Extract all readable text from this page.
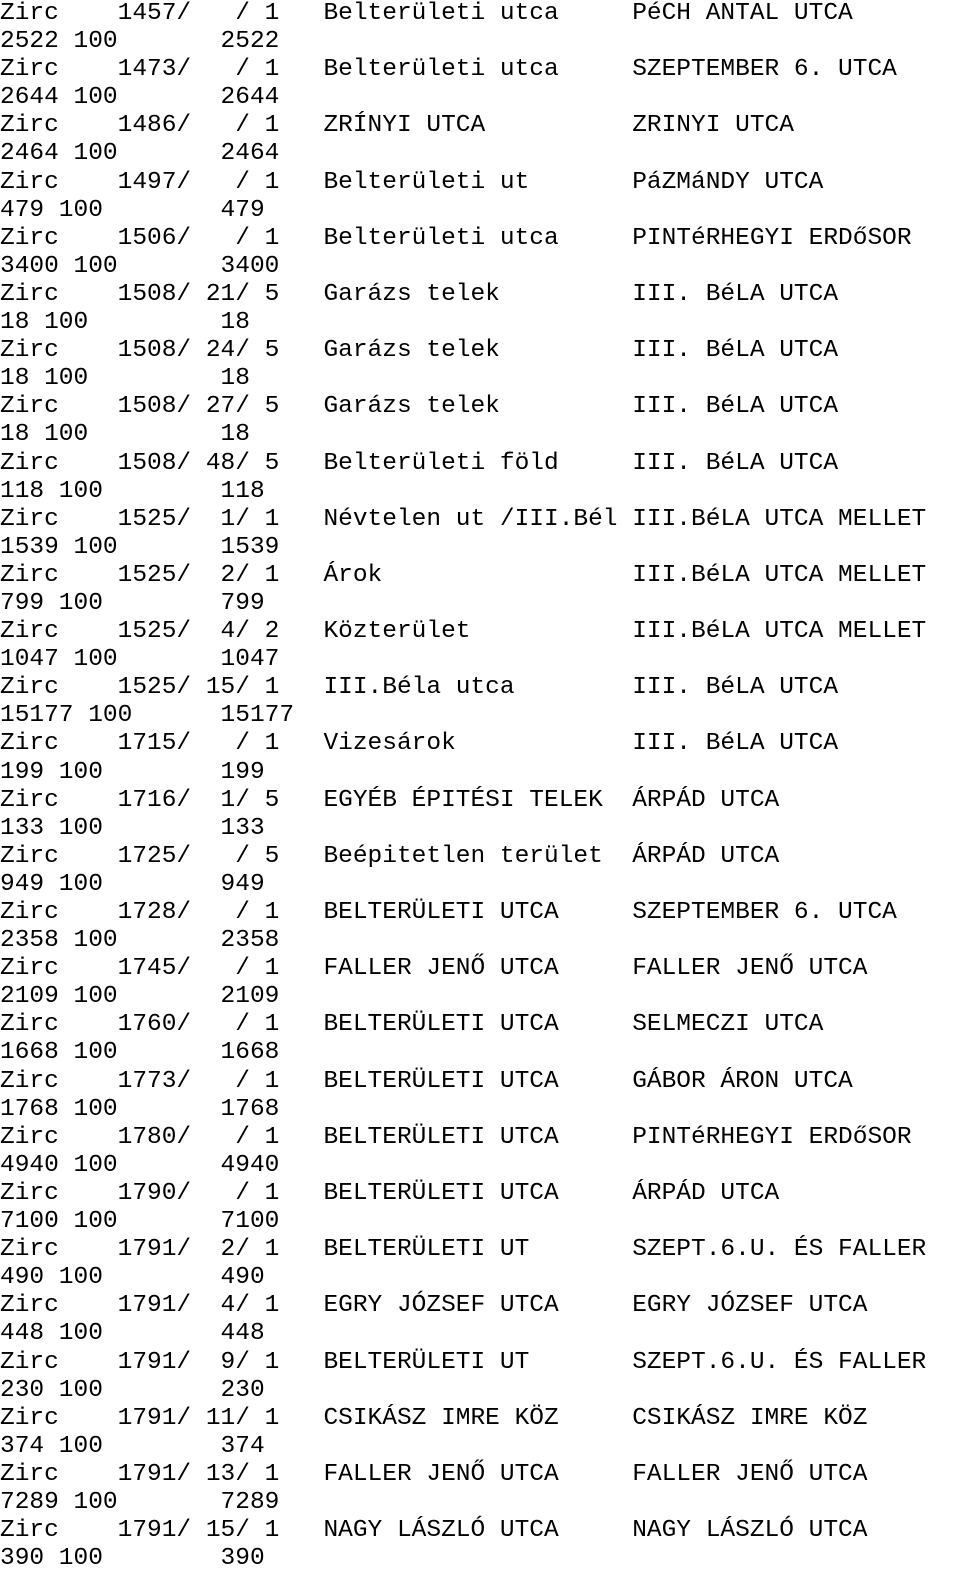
Zirc    1457/   / 1   Belterületi utca     PéCH ANTAL UTCA
2522 100       2522
Zirc    1473/   / 1   Belterületi utca     SZEPTEMBER 6. UTCA
2644 100       2644
Zirc    1486/   / 1   ZRÍNYI UTCA          ZRINYI UTCA
2464 100       2464
Zirc    1497/   / 1   Belterületi ut       PáZMáNDY UTCA
479 100        479
Zirc    1506/   / 1   Belterületi utca     PINTéRHEGYI ERDőSOR
3400 100       3400
Zirc    1508/ 21/ 5   Garázs telek         III. BéLA UTCA
18 100         18
Zirc    1508/ 24/ 5   Garázs telek         III. BéLA UTCA
18 100         18
Zirc    1508/ 27/ 5   Garázs telek         III. BéLA UTCA
18 100         18
Zirc    1508/ 48/ 5   Belterületi föld     III. BéLA UTCA
118 100        118
Zirc    1525/  1/ 1   Névtelen ut /III.Bél III.BéLA UTCA MELLET
1539 100       1539
Zirc    1525/  2/ 1   Árok                 III.BéLA UTCA MELLET
799 100        799
Zirc    1525/  4/ 2   Közterület           III.BéLA UTCA MELLET
1047 100       1047
Zirc    1525/ 15/ 1   III.Béla utca        III. BéLA UTCA
15177 100      15177
Zirc    1715/   / 1   Vizesárok            III. BéLA UTCA
199 100        199
Zirc    1716/  1/ 5   EGYÉB ÉPITÉSI TELEK  ÁRPÁD UTCA
133 100        133
Zirc    1725/   / 5   Beépitetlen terület  ÁRPÁD UTCA
949 100        949
Zirc    1728/   / 1   BELTERÜLETI UTCA     SZEPTEMBER 6. UTCA
2358 100       2358
Zirc    1745/   / 1   FALLER JENŐ UTCA     FALLER JENŐ UTCA
2109 100       2109
Zirc    1760/   / 1   BELTERÜLETI UTCA     SELMECZI UTCA
1668 100       1668
Zirc    1773/   / 1   BELTERÜLETI UTCA     GÁBOR ÁRON UTCA
1768 100       1768
Zirc    1780/   / 1   BELTERÜLETI UTCA     PINTéRHEGYI ERDőSOR
4940 100       4940
Zirc    1790/   / 1   BELTERÜLETI UTCA     ÁRPÁD UTCA
7100 100       7100
Zirc    1791/  2/ 1   BELTERÜLETI UT       SZEPT.6.U. ÉS FALLER
490 100        490
Zirc    1791/  4/ 1   EGRY JÓZSEF UTCA     EGRY JÓZSEF UTCA
448 100        448
Zirc    1791/  9/ 1   BELTERÜLETI UT       SZEPT.6.U. ÉS FALLER
230 100        230
Zirc    1791/ 11/ 1   CSIKÁSZ IMRE KÖZ     CSIKÁSZ IMRE KÖZ
374 100        374
Zirc    1791/ 13/ 1   FALLER JENŐ UTCA     FALLER JENŐ UTCA
7289 100       7289
Zirc    1791/ 15/ 1   NAGY LÁSZLÓ UTCA     NAGY LÁSZLÓ UTCA
390 100        390
